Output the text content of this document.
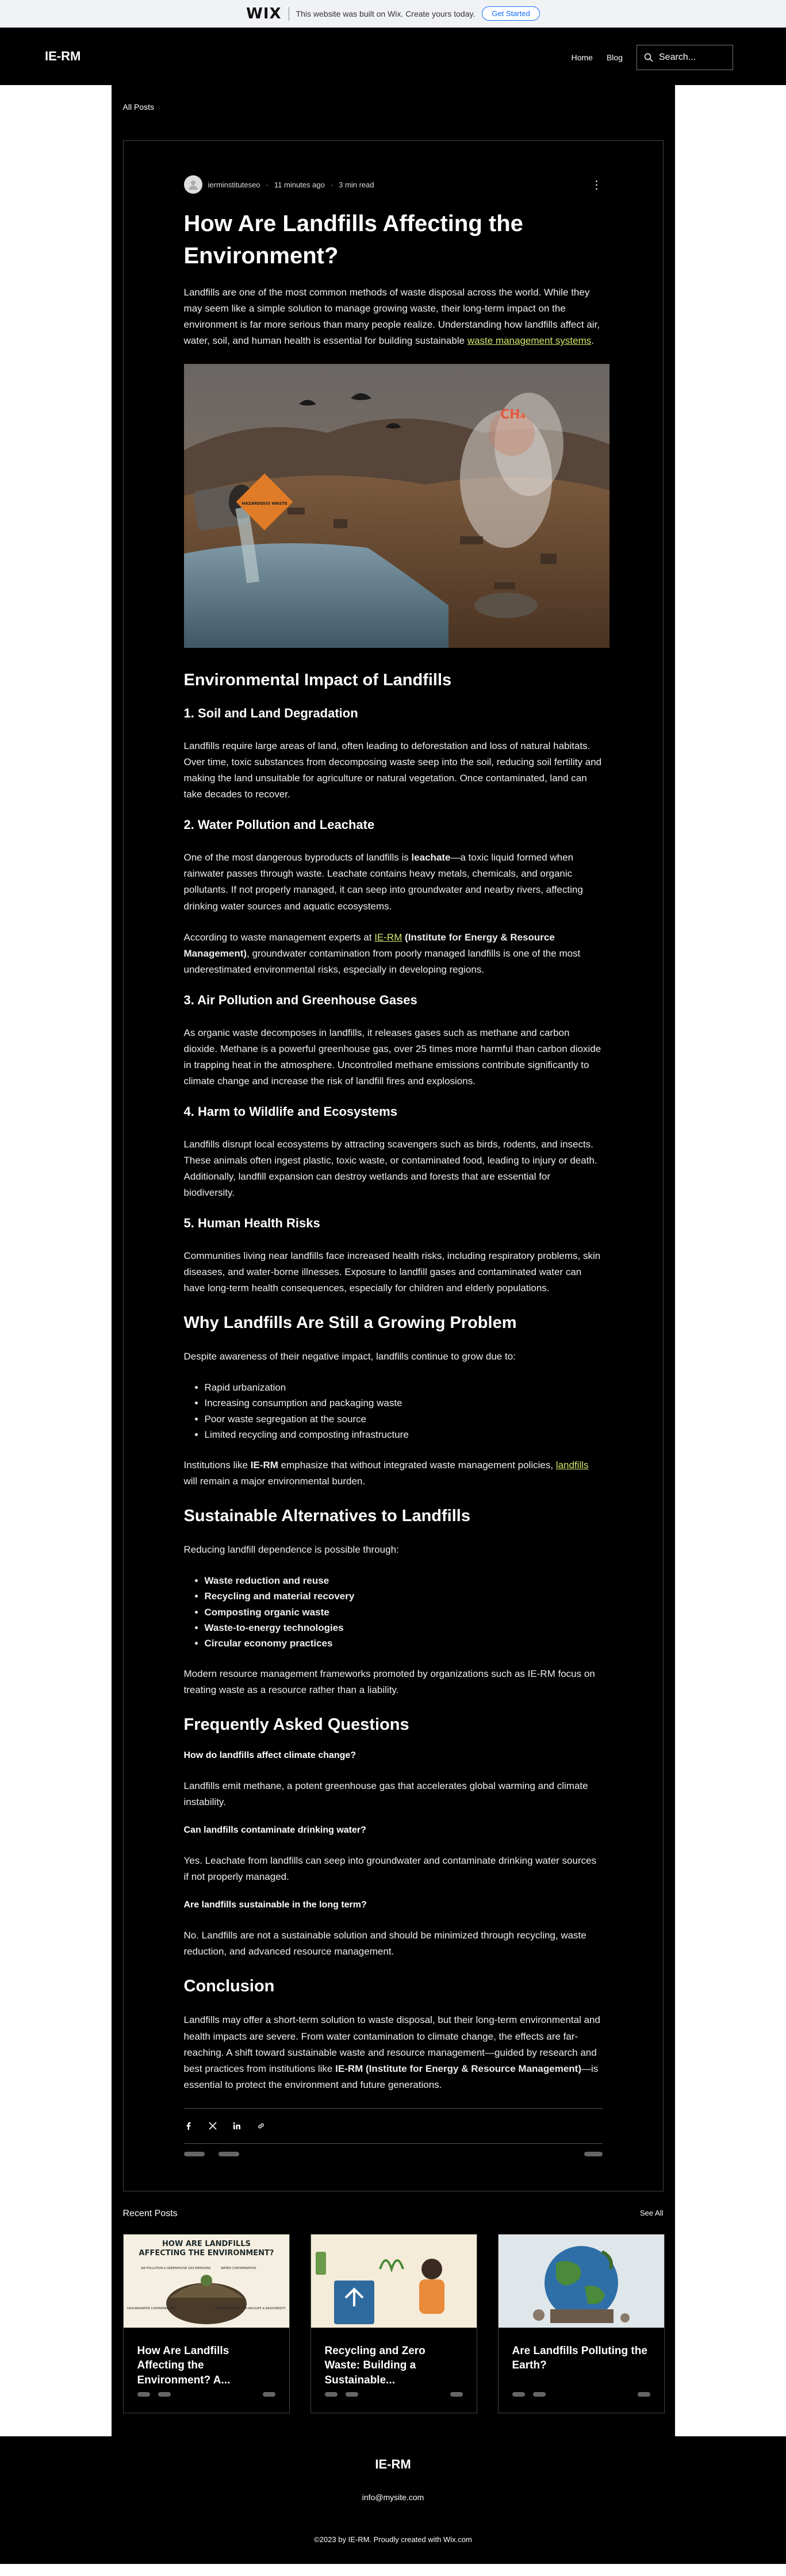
WIX This website was built on Wix. Create yours today.	Get Started
IE-RM	Home Blog	Search...
All Posts
ierminstituteseo · 11 minutes ago · 3 min read	⋮
How Are Landfills Affecting the Environment?

Landfills are one of the most common methods of waste disposal across the world. While they may seem like a simple solution to manage growing waste, their long-term impact on the environment is far more serious than many people realize. Understanding how landfills affect air, water, soil, and human health is essential for building sustainable waste management systems.

CH₄
HAZARDOUS WASTE
Environmental Impact of Landfills
1. Soil and Land Degradation

Landfills require large areas of land, often leading to deforestation and loss of natural habitats. Over time, toxic substances from decomposing waste seep into the soil, reducing soil fertility and making the land unsuitable for agriculture or natural vegetation. Once contaminated, land can take decades to recover.

2. Water Pollution and Leachate

One of the most dangerous byproducts of landfills is leachate—a toxic liquid formed when rainwater passes through waste. Leachate contains heavy metals, chemicals, and organic pollutants. If not properly managed, it can seep into groundwater and nearby rivers, affecting drinking water sources and aquatic ecosystems.

According to waste management experts at IE-RM (Institute for Energy & Resource Management), groundwater contamination from poorly managed landfills is one of the most underestimated environmental risks, especially in developing regions.

3. Air Pollution and Greenhouse Gases

As organic waste decomposes in landfills, it releases gases such as methane and carbon dioxide. Methane is a powerful greenhouse gas, over 25 times more harmful than carbon dioxide in trapping heat in the atmosphere. Uncontrolled methane emissions contribute significantly to climate change and increase the risk of landfill fires and explosions.

4. Harm to Wildlife and Ecosystems

Landfills disrupt local ecosystems by attracting scavengers such as birds, rodents, and insects. These animals often ingest plastic, toxic waste, or contaminated food, leading to injury or death. Additionally, landfill expansion can destroy wetlands and forests that are essential for biodiversity.

5. Human Health Risks

Communities living near landfills face increased health risks, including respiratory problems, skin diseases, and water-borne illnesses. Exposure to landfill gases and contaminated water can have long-term health consequences, especially for children and elderly populations.

Why Landfills Are Still a Growing Problem

Despite awareness of their negative impact, landfills continue to grow due to:

• Rapid urbanization
• Increasing consumption and packaging waste
• Poor waste segregation at the source
• Limited recycling and composting infrastructure

Institutions like IE-RM emphasize that without integrated waste management policies, landfills will remain a major environmental burden.

Sustainable Alternatives to Landfills

Reducing landfill dependence is possible through:

• Waste reduction and reuse
• Recycling and material recovery
• Composting organic waste
• Waste-to-energy technologies
• Circular economy practices

Modern resource management frameworks promoted by organizations such as IE-RM focus on treating waste as a resource rather than a liability.

Frequently Asked Questions
How do landfills affect climate change?

Landfills emit methane, a potent greenhouse gas that accelerates global warming and climate instability.

Can landfills contaminate drinking water?

Yes. Leachate from landfills can seep into groundwater and contaminate drinking water sources if not properly managed.

Are landfills sustainable in the long term?

No. Landfills are not a sustainable solution and should be minimized through recycling, waste reduction, and advanced resource management.

Conclusion

Landfills may offer a short-term solution to waste disposal, but their long-term environmental and health impacts are severe. From water contamination to climate change, the effects are far-reaching. A shift toward sustainable waste and resource management—guided by research and best practices from institutions like IE-RM (Institute for Energy & Resource Management)—is essential to protect the environment and future generations.

Recent Posts	See All
HOW ARE LANDFILLS AFFECTING THE ENVIRONMENT?
AIR POLLUTION & GREENHOUSE GAS EMISSIONS	WATER CONTAMINATION
GROUNDWATER CONTAMINATION	SEAWATER IMPACT ON WILDLIFE & BIODIVERSITY
How Are Landfills Affecting the Environment? A...
Recycling and Zero Waste: Building a Sustainable...
Are Landfills Polluting the Earth?
IE-RM
info@mysite.com
©2023 by IE-RM. Proudly created with Wix.com
